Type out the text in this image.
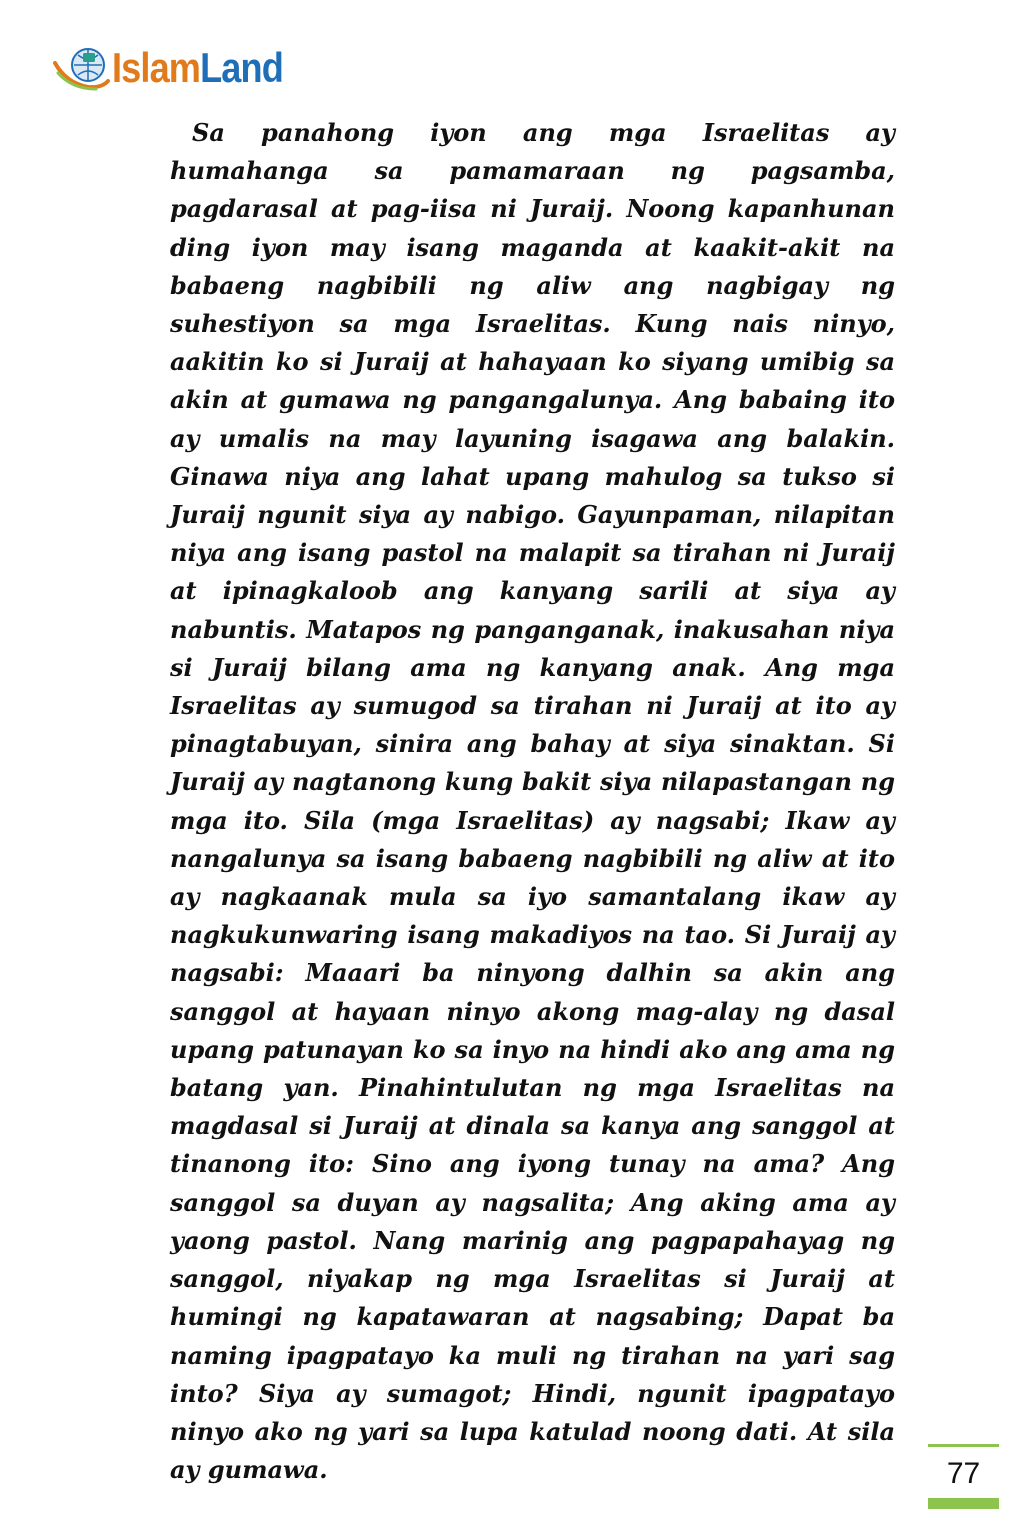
IslamLand

Sa panahong iyon ang mga Israelitas ay humahanga sa pamamaraan ng pagsamba, pagdarasal at pag-iisa ni Juraij. Noong kapanhunan ding iyon may isang maganda at kaakit-akit na babaeng nagbibili ng aliw ang nagbigay ng suhestiyon sa mga Israelitas. Kung nais ninyo, aakitin ko si Juraij at hahayaan ko siyang umibig sa akin at gumawa ng pangangalunya. Ang babaing ito ay umalis na may layuning isagawa ang balakin. Ginawa niya ang lahat upang mahulog sa tukso si Juraij ngunit siya ay nabigo. Gayunpaman, nilapitan niya ang isang pastol na malapit sa tirahan ni Juraij at ipinagkaloob ang kanyang sarili at siya ay nabuntis. Matapos ng panganganak, inakusahan niya si Juraij bilang ama ng kanyang anak. Ang mga Israelitas ay sumugod sa tirahan ni Juraij at ito ay pinagtabuyan, sinira ang bahay at siya sinaktan. Si Juraij ay nagtanong kung bakit siya nilapastangan ng mga ito. Sila (mga Israelitas) ay nagsabi; Ikaw ay nangalunya sa isang babaeng nagbibili ng aliw at ito ay nagkaanak mula sa iyo samantalang ikaw ay nagkukunwaring isang makadiyos na tao. Si Juraij ay nagsabi: Maaari ba ninyong dalhin sa akin ang sanggol at hayaan ninyo akong mag-alay ng dasal upang patunayan ko sa inyo na hindi ako ang ama ng batang yan. Pinahintulutan ng mga Israelitas na magdasal si Juraij at dinala sa kanya ang sanggol at tinanong ito: Sino ang iyong tunay na ama? Ang sanggol sa duyan ay nagsalita; Ang aking ama ay yaong pastol. Nang marinig ang pagpapahayag ng sanggol, niyakap ng mga Israelitas si Juraij at humingi ng kapatawaran at nagsabing; Dapat ba naming ipagpatayo ka muli ng tirahan na yari sag into? Siya ay sumagot; Hindi, ngunit ipagpatayo ninyo ako ng yari sa lupa katulad noong dati. At sila ay gumawa.	77
